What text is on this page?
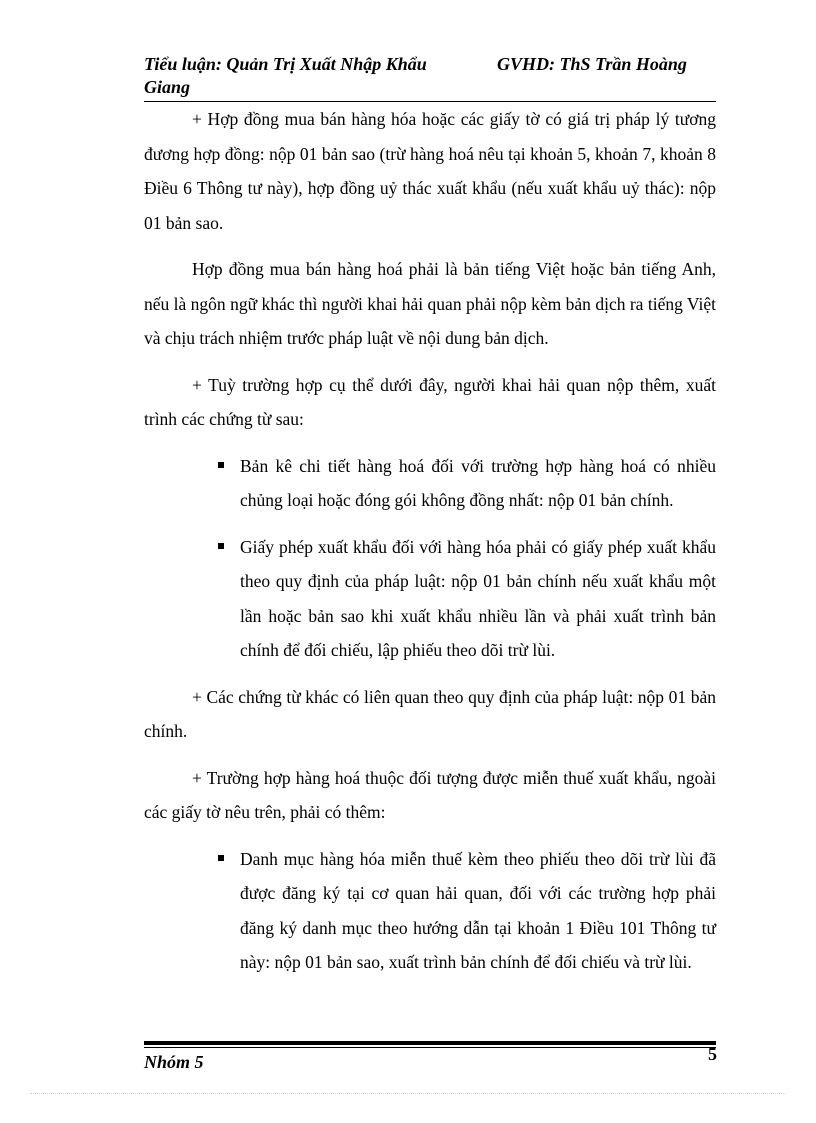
Tiểu luận: Quản Trị Xuất Nhập Khẩu	GVHD: ThS Trần Hoàng
Giang

+ Hợp đồng mua bán hàng hóa hoặc các giấy tờ có giá trị pháp lý tương đương hợp đồng: nộp 01 bản sao (trừ hàng hoá nêu tại khoản 5, khoản 7, khoản 8 Điều 6 Thông tư này), hợp đồng uỷ thác xuất khẩu (nếu xuất khẩu uỷ thác): nộp 01 bản sao.

Hợp đồng mua bán hàng hoá phải là bản tiếng Việt hoặc bản tiếng Anh, nếu là ngôn ngữ khác thì người khai hải quan phải nộp kèm bản dịch ra tiếng Việt và chịu trách nhiệm trước pháp luật về nội dung bản dịch.

+ Tuỳ trường hợp cụ thể dưới đây, người khai hải quan nộp thêm, xuất trình các chứng từ sau:

Bản kê chi tiết hàng hoá đối với trường hợp hàng hoá có nhiều chủng loại hoặc đóng gói không đồng nhất: nộp 01 bản chính.
Giấy phép xuất khẩu đối với hàng hóa phải có giấy phép xuất khẩu theo quy định của pháp luật: nộp 01 bản chính nếu xuất khẩu một lần hoặc bản sao khi xuất khẩu nhiều lần và phải xuất trình bản chính để đối chiếu, lập phiếu theo dõi trừ lùi.

+ Các chứng từ khác có liên quan theo quy định của pháp luật: nộp 01 bản chính.

+ Trường hợp hàng hoá thuộc đối tượng được miễn thuế xuất khẩu, ngoài các giấy tờ nêu trên, phải có thêm:

Danh mục hàng hóa miễn thuế kèm theo phiếu theo dõi trừ lùi đã được đăng ký tại cơ quan hải quan, đối với các trường hợp phải đăng ký danh mục theo hướng dẫn tại khoản 1 Điều 101 Thông tư này: nộp 01 bản sao, xuất trình bản chính để đối chiếu và trừ lùi.
Nhóm 5	5
